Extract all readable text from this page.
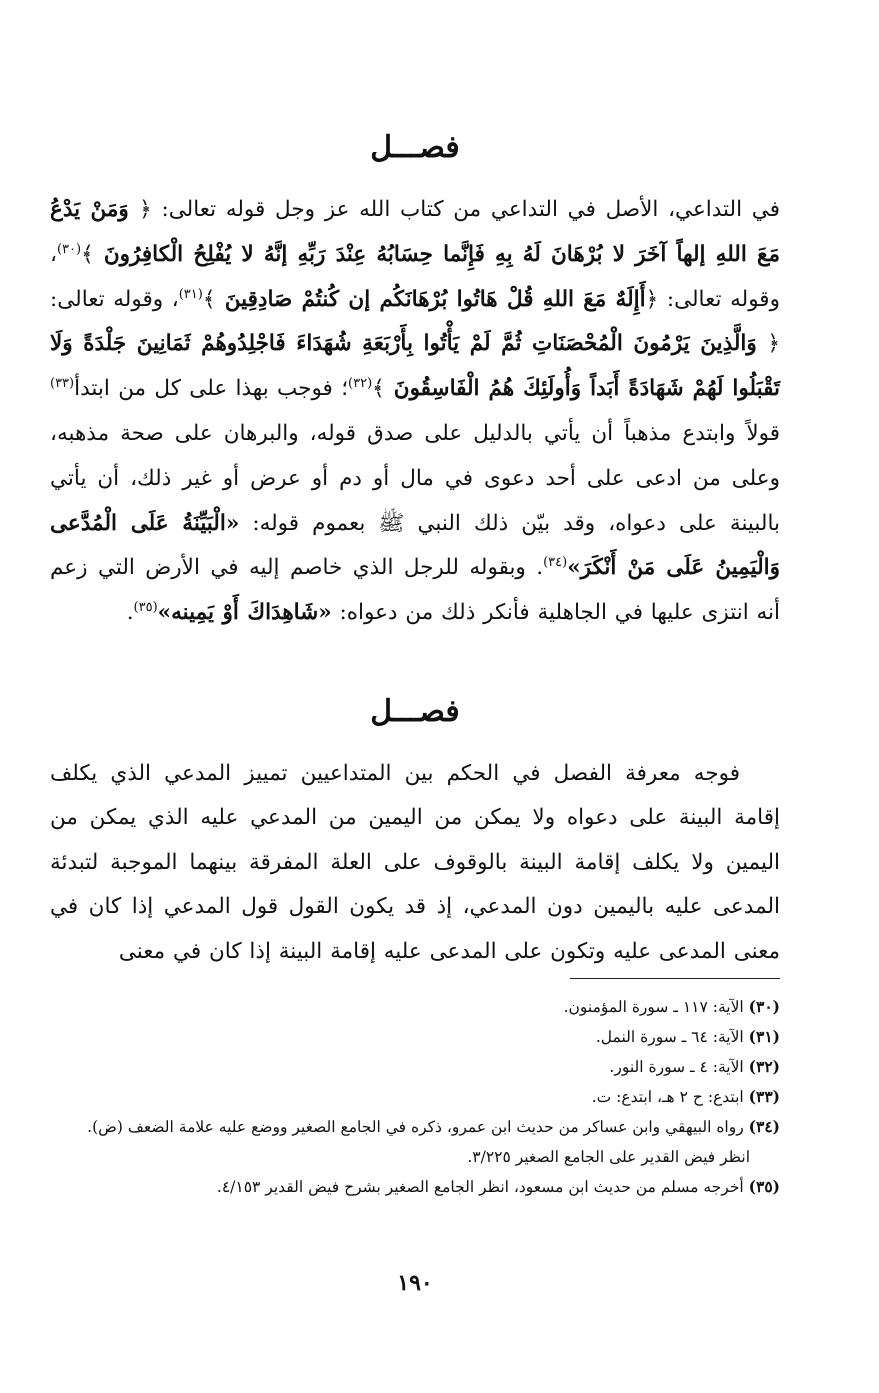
فصـــل

في التداعي، الأصل في التداعي من كتاب الله عز وجل قوله تعالى: ﴿ وَمَنْ يَدْعُ مَعَ اللهِ إلهاً آخَرَ لا بُرْهَانَ لَهُ بِهِ فَإِنَّما حِسَابُهُ عِنْدَ رَبِّهِ إنَّهُ لا يُفْلِحُ الْكافِرُونَ ﴾$^{(٣٠)}$، وقوله تعالى: ﴿أَإِلَهٌ مَعَ اللهِ قُلْ هَاتُوا بُرْهَانَكُم إن كُنتُمْ صَادِقِينَ ﴾$^{(٣١)}$، وقوله تعالى: ﴿ وَالَّذِينَ يَرْمُونَ الْمُحْصَنَاتِ ثُمَّ لَمْ يَأْتُوا بِأَرْبَعَةِ شُهَدَاءَ فَاجْلِدُوهُمْ ثَمَانِينَ جَلْدَةً وَلَا تَقْبَلُوا لَهُمْ شَهَادَةً أَبَداً وَأُولَئِكَ هُمُ الْفَاسِقُونَ ﴾$^{(٣٢)}$؛ فوجب بهذا على كل من ابتدأ$^{(٣٣)}$ قولاً وابتدع مذهباً أن يأتي بالدليل على صدق قوله، والبرهان على صحة مذهبه، وعلى من ادعى على أحد دعوى في مال أو دم أو عرض أو غير ذلك، أن يأتي بالبينة على دعواه، وقد بيّن ذلك النبي ﷺ بعموم قوله: «الْبَيِّنَةُ عَلَى الْمُدَّعى وَالْيَمِينُ عَلَى مَنْ أَنْكَرَ»$^{(٣٤)}$. وبقوله للرجل الذي خاصم إليه في الأرض التي زعم أنه انتزى عليها في الجاهلية فأنكر ذلك من دعواه: «شَاهِدَاكَ أَوْ يَمِينه»$^{(٣٥)}$.

فصـــل

فوجه معرفة الفصل في الحكم بين المتداعيين تمييز المدعي الذي يكلف إقامة البينة على دعواه ولا يمكن من اليمين من المدعي عليه الذي يمكن من اليمين ولا يكلف إقامة البينة بالوقوف على العلة المفرقة بينهما الموجبة لتبدئة المدعى عليه باليمين دون المدعي، إذ قد يكون القول قول المدعي إذا كان في معنى المدعى عليه وتكون على المدعى عليه إقامة البينة إذا كان في معنى

(٣٠) الآية: ١١٧ ـ سورة المؤمنون.
(٣١) الآية: ٦٤ ـ سورة النمل.
(٣٢) الآية: ٤ ـ سورة النور.
(٣٣) ابتدع: ح ٢ هـ، ابتدع: ت.
(٣٤) رواه البيهقي وابن عساكر من حديث ابن عمرو، ذكره في الجامع الصغير ووضع عليه علامة الضعف (ض).
انظر فيض القدير على الجامع الصغير ٣/٢٢٥.
(٣٥) أخرجه مسلم من حديث ابن مسعود، انظر الجامع الصغير بشرح فيض القدير ٤/١٥٣.
١٩٠
